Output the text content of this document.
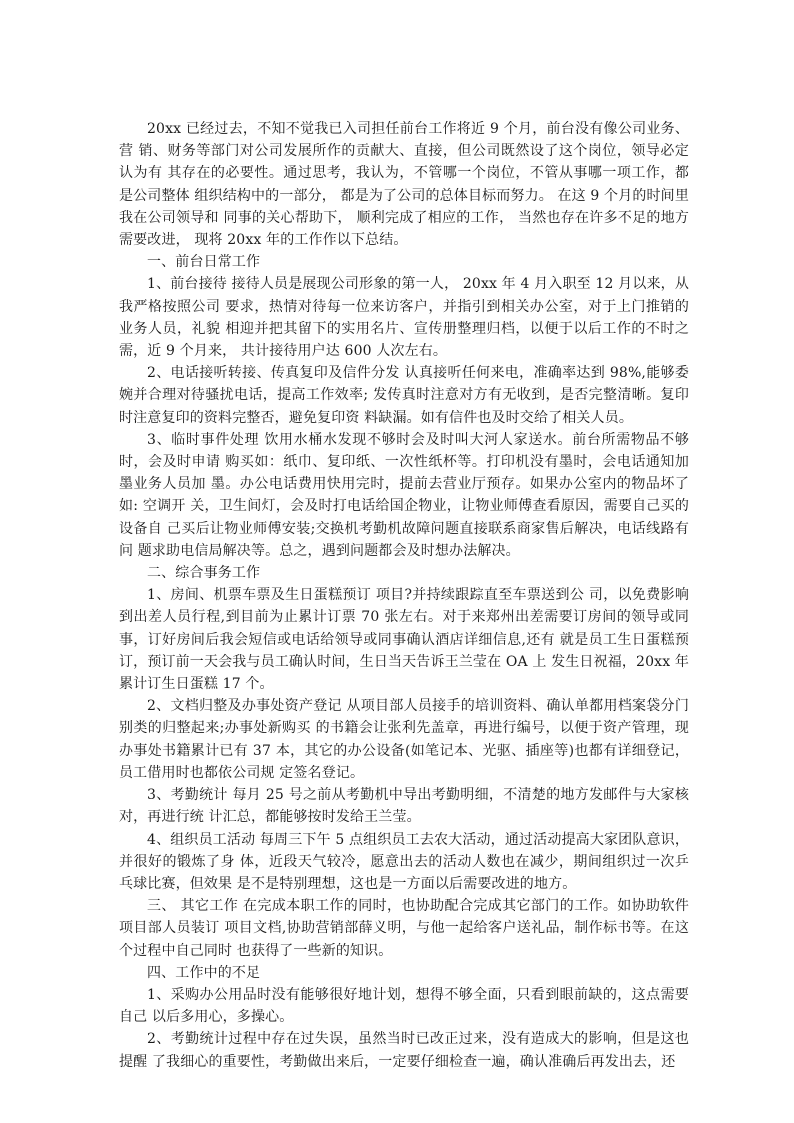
20xx 已经过去，不知不觉我已入司担任前台工作将近 9 个月，前台没有像公司业务、营 销、财务等部门对公司发展所作的贡献大、直接，但公司既然设了这个岗位，领导必定认为有 其存在的必要性。通过思考，我认为，不管哪一个岗位，不管从事哪一项工作，都是公司整体 组织结构中的一部分， 都是为了公司的总体目标而努力。 在这 9 个月的时间里我在公司领导和 同事的关心帮助下， 顺利完成了相应的工作， 当然也存在许多不足的地方需要改进， 现将 20xx 年的工作作以下总结。

一、前台日常工作

1、前台接待 接待人员是展现公司形象的第一人， 20xx 年 4 月入职至 12 月以来，从 我严格按照公司 要求，热情对待每一位来访客户，并指引到相关办公室，对于上门推销的业务人员，礼貌 相迎并把其留下的实用名片、宣传册整理归档，以便于以后工作的不时之需，近 9 个月来， 共计接待用户达 600 人次左右。

2、电话接听转接、传真复印及信件分发 认真接听任何来电，准确率达到 98%,能够委婉并合理对待骚扰电话，提高工作效率; 发传真时注意对方有无收到，是否完整清晰。复印时注意复印的资料完整否，避免复印资 料缺漏。如有信件也及时交给了相关人员。

3、临时事件处理 饮用水桶水发现不够时会及时叫大河人家送水。前台所需物品不够时，会及时申请 购买如：纸巾、复印纸、一次性纸杯等。打印机没有墨时，会电话通知加墨业务人员加 墨。办公电话费用快用完时，提前去营业厅预存。如果办公室内的物品坏了如: 空调开 关，卫生间灯，会及时打电话给国企物业，让物业师傅查看原因，需要自己买的设备自 己买后让物业师傅安装;交换机考勤机故障问题直接联系商家售后解决，电话线路有问 题求助电信局解决等。总之，遇到问题都会及时想办法解决。

二、综合事务工作

1、房间、机票车票及生日蛋糕预订 项目?并持续跟踪直至车票送到公 司，以免费影响到出差人员行程,到目前为止累计订票 70 张左右。对于来郑州出差需要订房间的领导或同事，订好房间后我会短信或电话给领导或同事确认酒店详细信息,还有 就是员工生日蛋糕预订，预订前一天会我与员工确认时间，生日当天告诉王兰莹在 OA 上 发生日祝福，20xx 年累计订生日蛋糕 17 个。

2、文档归整及办事处资产登记 从项目部人员接手的培训资料、确认单都用档案袋分门别类的归整起来;办事处新购买 的书籍会让张利先盖章，再进行编号，以便于资产管理，现办事处书籍累计已有 37 本，其它的办公设备(如笔记本、光驱、插座等)也都有详细登记，员工借用时也都依公司规 定签名登记。

3、考勤统计 每月 25 号之前从考勤机中导出考勤明细，不清楚的地方发邮件与大家核对，再进行统 计汇总，都能够按时发给王兰莹。

4、组织员工活动 每周三下午 5 点组织员工去农大活动，通过活动提高大家团队意识，并很好的锻炼了身 体，近段天气较冷，愿意出去的活动人数也在减少，期间组织过一次乒乓球比赛，但效果 是不是特别理想，这也是一方面以后需要改进的地方。

三、 其它工作 在完成本职工作的同时，也协助配合完成其它部门的工作。如协助软件项目部人员装订 项目文档,协助营销部薛义明，与他一起给客户送礼品，制作标书等。在这个过程中自己同时 也获得了一些新的知识。

四、工作中的不足

1、采购办公用品时没有能够很好地计划，想得不够全面，只看到眼前缺的，这点需要自己 以后多用心，多操心。

2、考勤统计过程中存在过失误，虽然当时已改正过来，没有造成大的影响，但是这也提醒 了我细心的重要性，考勤做出来后，一定要仔细检查一遍，确认准确后再发出去，还
